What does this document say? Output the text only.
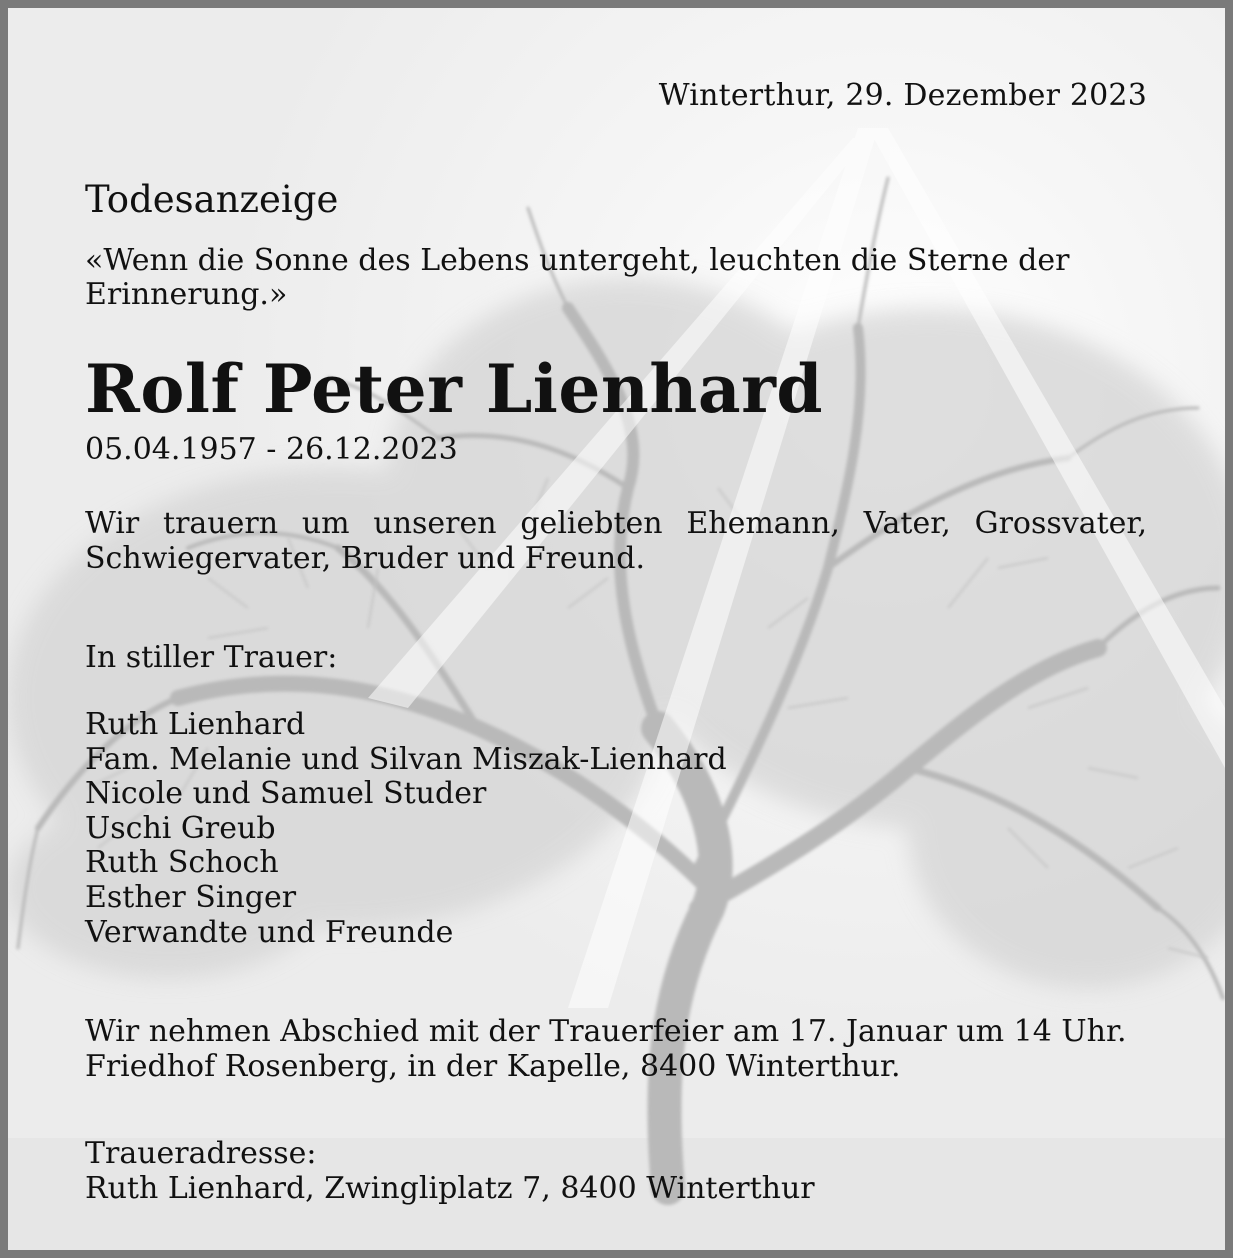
Winterthur, 29. Dezember 2023
Todesanzeige
«Wenn die Sonne des Lebens untergeht, leuchten die Sterne der Erinnerung.»
Rolf Peter Lienhard
05.04.1957 - 26.12.2023
Wir trauern um unseren geliebten Ehemann, Vater, Grossvater,
Schwiegervater, Bruder und Freund.
In stiller Trauer:
Ruth Lienhard
Fam. Melanie und Silvan Miszak-Lienhard
Nicole und Samuel Studer
Uschi Greub
Ruth Schoch
Esther Singer
Verwandte und Freunde
Wir nehmen Abschied mit der Trauerfeier am 17. Januar um 14 Uhr.
Friedhof Rosenberg, in der Kapelle, 8400 Winterthur.
Traueradresse:
Ruth Lienhard, Zwingliplatz 7, 8400 Winterthur
